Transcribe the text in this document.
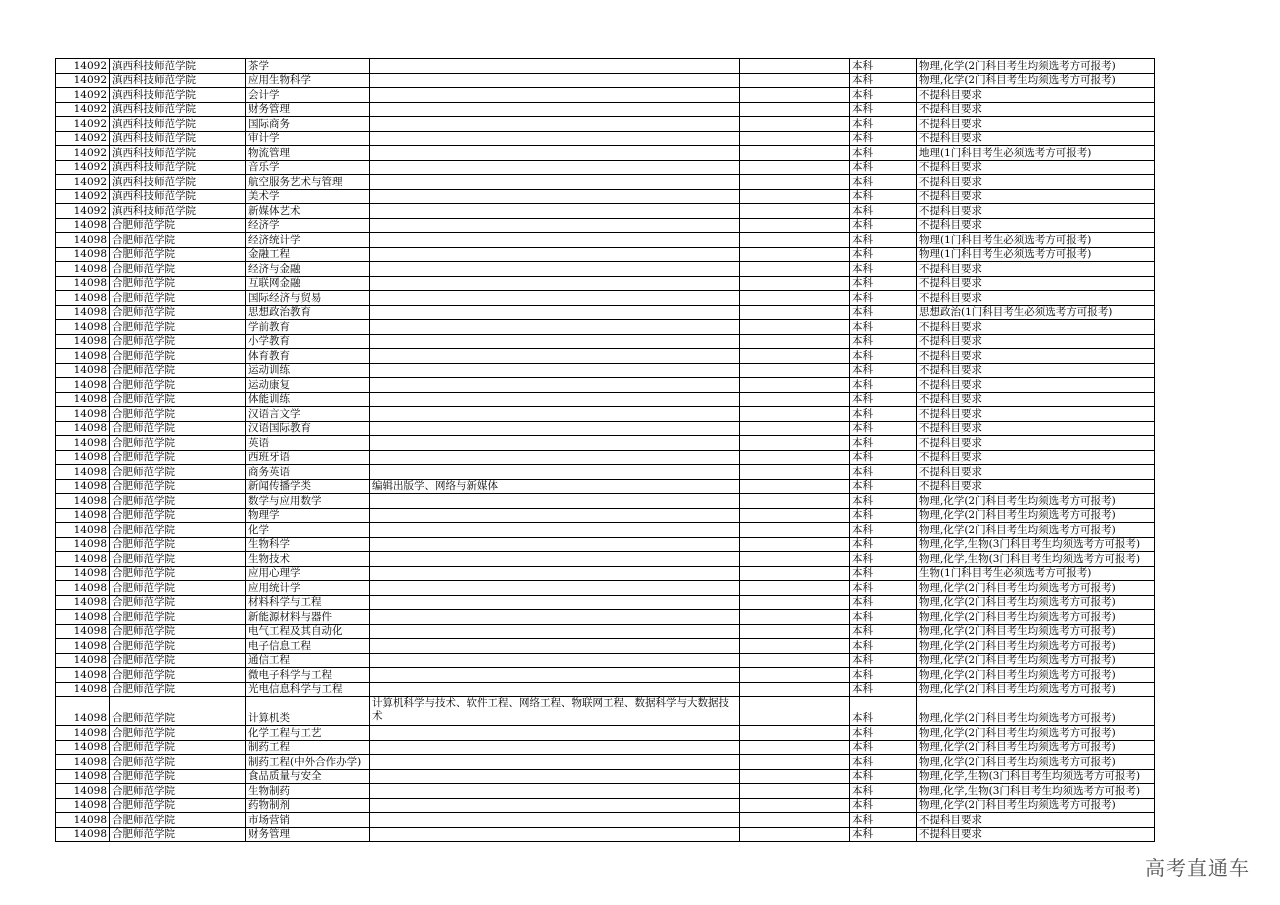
14092	滇西科技师范学院	茶学			本科	物理,化学(2门科目考生均须选考方可报考)
14092	滇西科技师范学院	应用生物科学			本科	物理,化学(2门科目考生均须选考方可报考)
14092	滇西科技师范学院	会计学			本科	不提科目要求
14092	滇西科技师范学院	财务管理			本科	不提科目要求
14092	滇西科技师范学院	国际商务			本科	不提科目要求
14092	滇西科技师范学院	审计学			本科	不提科目要求
14092	滇西科技师范学院	物流管理			本科	地理(1门科目考生必须选考方可报考)
14092	滇西科技师范学院	音乐学			本科	不提科目要求
14092	滇西科技师范学院	航空服务艺术与管理			本科	不提科目要求
14092	滇西科技师范学院	美术学			本科	不提科目要求
14092	滇西科技师范学院	新媒体艺术			本科	不提科目要求
14098	合肥师范学院	经济学			本科	不提科目要求
14098	合肥师范学院	经济统计学			本科	物理(1门科目考生必须选考方可报考)
14098	合肥师范学院	金融工程			本科	物理(1门科目考生必须选考方可报考)
14098	合肥师范学院	经济与金融			本科	不提科目要求
14098	合肥师范学院	互联网金融			本科	不提科目要求
14098	合肥师范学院	国际经济与贸易			本科	不提科目要求
14098	合肥师范学院	思想政治教育			本科	思想政治(1门科目考生必须选考方可报考)
14098	合肥师范学院	学前教育			本科	不提科目要求
14098	合肥师范学院	小学教育			本科	不提科目要求
14098	合肥师范学院	体育教育			本科	不提科目要求
14098	合肥师范学院	运动训练			本科	不提科目要求
14098	合肥师范学院	运动康复			本科	不提科目要求
14098	合肥师范学院	体能训练			本科	不提科目要求
14098	合肥师范学院	汉语言文学			本科	不提科目要求
14098	合肥师范学院	汉语国际教育			本科	不提科目要求
14098	合肥师范学院	英语			本科	不提科目要求
14098	合肥师范学院	西班牙语			本科	不提科目要求
14098	合肥师范学院	商务英语			本科	不提科目要求
14098	合肥师范学院	新闻传播学类	编辑出版学、网络与新媒体		本科	不提科目要求
14098	合肥师范学院	数学与应用数学			本科	物理,化学(2门科目考生均须选考方可报考)
14098	合肥师范学院	物理学			本科	物理,化学(2门科目考生均须选考方可报考)
14098	合肥师范学院	化学			本科	物理,化学(2门科目考生均须选考方可报考)
14098	合肥师范学院	生物科学			本科	物理,化学,生物(3门科目考生均须选考方可报考)
14098	合肥师范学院	生物技术			本科	物理,化学,生物(3门科目考生均须选考方可报考)
14098	合肥师范学院	应用心理学			本科	生物(1门科目考生必须选考方可报考)
14098	合肥师范学院	应用统计学			本科	物理,化学(2门科目考生均须选考方可报考)
14098	合肥师范学院	材料科学与工程			本科	物理,化学(2门科目考生均须选考方可报考)
14098	合肥师范学院	新能源材料与器件			本科	物理,化学(2门科目考生均须选考方可报考)
14098	合肥师范学院	电气工程及其自动化			本科	物理,化学(2门科目考生均须选考方可报考)
14098	合肥师范学院	电子信息工程			本科	物理,化学(2门科目考生均须选考方可报考)
14098	合肥师范学院	通信工程			本科	物理,化学(2门科目考生均须选考方可报考)
14098	合肥师范学院	微电子科学与工程			本科	物理,化学(2门科目考生均须选考方可报考)
14098	合肥师范学院	光电信息科学与工程			本科	物理,化学(2门科目考生均须选考方可报考)
14098	合肥师范学院	计算机类	计算机科学与技术、软件工程、网络工程、物联网工程、数据科学与大数据技术		本科	物理,化学(2门科目考生均须选考方可报考)
14098	合肥师范学院	化学工程与工艺			本科	物理,化学(2门科目考生均须选考方可报考)
14098	合肥师范学院	制药工程			本科	物理,化学(2门科目考生均须选考方可报考)
14098	合肥师范学院	制药工程(中外合作办学)			本科	物理,化学(2门科目考生均须选考方可报考)
14098	合肥师范学院	食品质量与安全			本科	物理,化学,生物(3门科目考生均须选考方可报考)
14098	合肥师范学院	生物制药			本科	物理,化学,生物(3门科目考生均须选考方可报考)
14098	合肥师范学院	药物制剂			本科	物理,化学(2门科目考生均须选考方可报考)
14098	合肥师范学院	市场营销			本科	不提科目要求
14098	合肥师范学院	财务管理			本科	不提科目要求
高考直通车
